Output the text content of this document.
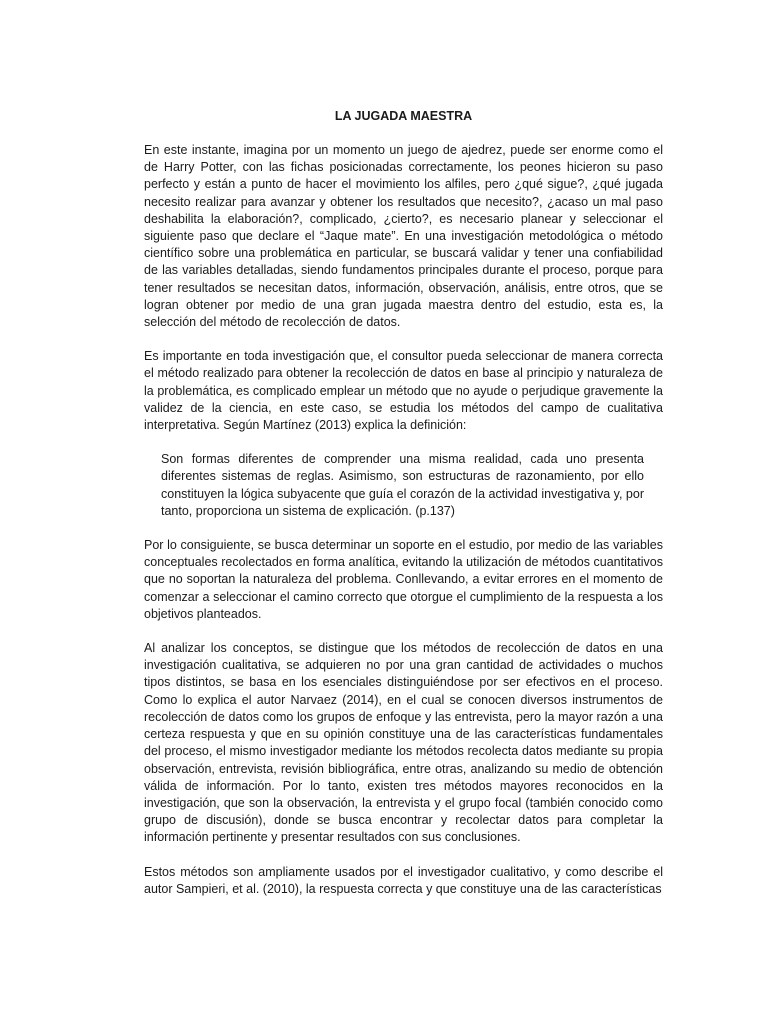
LA JUGADA MAESTRA

En este instante, imagina por un momento un juego de ajedrez, puede ser enorme como el de Harry Potter, con las fichas posicionadas correctamente, los peones hicieron su paso perfecto y están a punto de hacer el movimiento los alfiles, pero ¿qué sigue?, ¿qué jugada necesito realizar para avanzar y obtener los resultados que necesito?, ¿acaso un mal paso deshabilita la elaboración?, complicado, ¿cierto?, es necesario planear y seleccionar el siguiente paso que declare el “Jaque mate”. En una investigación metodológica o método científico sobre una problemática en particular, se buscará validar y tener una confiabilidad de las variables detalladas, siendo fundamentos principales durante el proceso, porque para tener resultados se necesitan datos, información, observación, análisis, entre otros, que se logran obtener por medio de una gran jugada maestra dentro del estudio, esta es, la selección del método de recolección de datos.

Es importante en toda investigación que, el consultor pueda seleccionar de manera correcta el método realizado para obtener la recolección de datos en base al principio y naturaleza de la problemática, es complicado emplear un método que no ayude o perjudique gravemente la validez de la ciencia, en este caso, se estudia los métodos del campo de cualitativa interpretativa. Según Martínez (2013) explica la definición:

Son formas diferentes de comprender una misma realidad, cada uno presenta diferentes sistemas de reglas. Asimismo, son estructuras de razonamiento, por ello constituyen la lógica subyacente que guía el corazón de la actividad investigativa y, por tanto, proporciona un sistema de explicación. (p.137)

Por lo consiguiente, se busca determinar un soporte en el estudio, por medio de las variables conceptuales recolectados en forma analítica, evitando la utilización de métodos cuantitativos que no soportan la naturaleza del problema. Conllevando, a evitar errores en el momento de comenzar a seleccionar el camino correcto que otorgue el cumplimiento de la respuesta a los objetivos planteados.

Al analizar los conceptos, se distingue que los métodos de recolección de datos en una investigación cualitativa, se adquieren no por una gran cantidad de actividades o muchos tipos distintos, se basa en los esenciales distinguiéndose por ser efectivos en el proceso. Como lo explica el autor Narvaez (2014), en el cual se conocen diversos instrumentos de recolección de datos como los grupos de enfoque y las entrevista, pero la mayor razón a una certeza respuesta y que en su opinión constituye una de las características fundamentales del proceso, el mismo investigador mediante los métodos recolecta datos mediante su propia observación, entrevista, revisión bibliográfica, entre otras, analizando su medio de obtención válida de información. Por lo tanto, existen tres métodos mayores reconocidos en la investigación, que son la observación, la entrevista y el grupo focal (también conocido como grupo de discusión), donde se busca encontrar y recolectar datos para completar la información pertinente y presentar resultados con sus conclusiones.

Estos métodos son ampliamente usados por el investigador cualitativo, y como describe el autor Sampieri, et al. (2010), la respuesta correcta y que constituye una de las características
